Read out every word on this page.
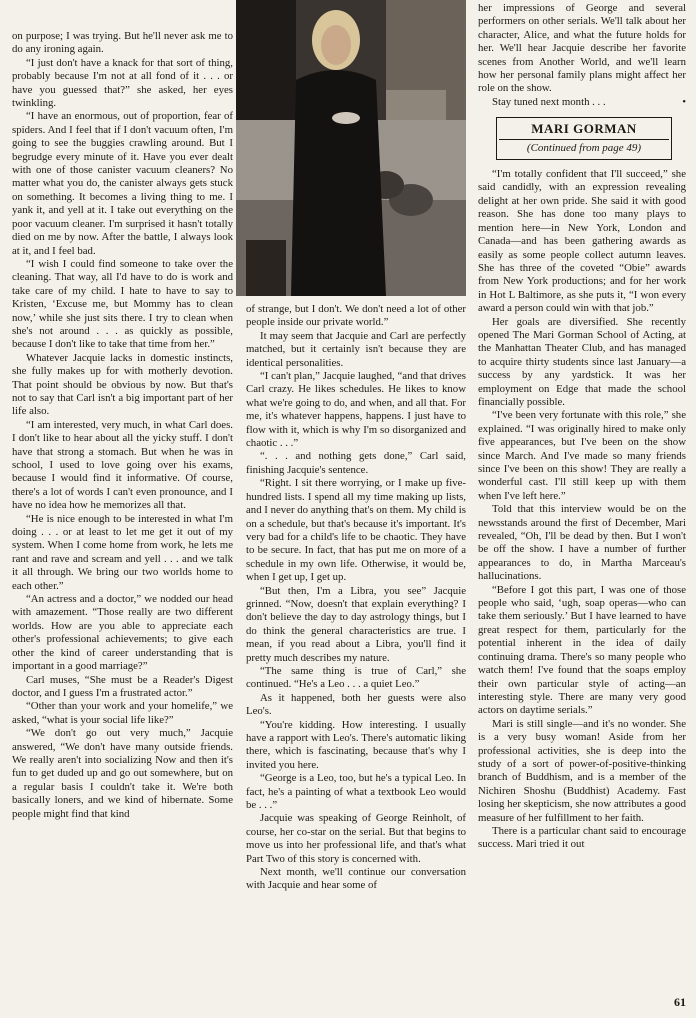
on purpose; I was trying. But he'll never ask me to do any ironing again.

“I just don't have a knack for that sort of thing, probably because I'm not at all fond of it . . . or have you guessed that?” she asked, her eyes twinkling.

“I have an enormous, out of proportion, fear of spiders. And I feel that if I don't vacuum often, I'm going to see the buggies crawling around. But I begrudge every minute of it. Have you ever dealt with one of those canister vacuum cleaners? No matter what you do, the canister always gets stuck on something. It becomes a living thing to me. I yank it, and yell at it. I take out everything on the poor vacuum cleaner. I'm surprised it hasn't totally died on me by now. After the battle, I always look at it, and I feel bad.

“I wish I could find someone to take over the cleaning. That way, all I'd have to do is work and take care of my child. I hate to have to say to Kristen, ‘Excuse me, but Mommy has to clean now,’ while she just sits there. I try to clean when she's not around . . . as quickly as possible, because I don't like to take that time from her.”

Whatever Jacquie lacks in domestic instincts, she fully makes up for with motherly devotion. That point should be obvious by now. But that's not to say that Carl isn't a big important part of her life also.

“I am interested, very much, in what Carl does. I don't like to hear about all the yicky stuff. I don't have that strong a stomach. But when he was in school, I used to love going over his exams, because I would find it informative. Of course, there's a lot of words I can't even pronounce, and I have no idea how he memorizes all that.

“He is nice enough to be interested in what I'm doing . . . or at least to let me get it out of my system. When I come home from work, he lets me rant and rave and scream and yell . . . and we talk it all through. We bring our two worlds home to each other.”

“An actress and a doctor,” we nodded our head with amazement. “Those really are two different worlds. How are you able to appreciate each other's professional achievements; to give each other the kind of career understanding that is important in a good marriage?”

Carl muses, “She must be a Reader's Digest doctor, and I guess I'm a frustrated actor.”

“Other than your work and your homelife,” we asked, “what is your social life like?”

“We don't go out very much,” Jacquie answered, “We don't have many outside friends. We really aren't into socializing Now and then it's fun to get duded up and go out somewhere, but on a regular basis I couldn't take it. We're both basically loners, and we kind of hibernate. Some people might find that kind

of strange, but I don't. We don't need a lot of other people inside our private world.”

It may seem that Jacquie and Carl are perfectly matched, but it certainly isn't because they are identical personalities.

“I can't plan,” Jacquie laughed, “and that drives Carl crazy. He likes schedules. He likes to know what we're going to do, and when, and all that. For me, it's whatever happens, happens. I just have to flow with it, which is why I'm so disorganized and chaotic . . .”

“. . . and nothing gets done,” Carl said, finishing Jacquie's sentence.

“Right. I sit there worrying, or I make up five-hundred lists. I spend all my time making up lists, and I never do anything that's on them. My child is on a schedule, but that's because it's important. It's very bad for a child's life to be chaotic. They have to be secure. In fact, that has put me on more of a schedule in my own life. Otherwise, it would be, when I get up, I get up.

“But then, I'm a Libra, you see” Jacquie grinned. “Now, doesn't that explain everything? I don't believe the day to day astrology things, but I do think the general characteristics are true. I mean, if you read about a Libra, you'll find it pretty much describes my nature.

“The same thing is true of Carl,” she continued. “He's a Leo . . . a quiet Leo.”

As it happened, both her guests were also Leo's.

“You're kidding. How interesting. I usually have a rapport with Leo's. There's automatic liking there, which is fascinating, because that's why I invited you here.

“George is a Leo, too, but he's a typical Leo. In fact, he's a painting of what a textbook Leo would be . . .”

Jacquie was speaking of George Reinholt, of course, her co-star on the serial. But that begins to move us into her professional life, and that's what Part Two of this story is concerned with.

Next month, we'll continue our conversation with Jacquie and hear some of

her impressions of George and several performers on other serials. We'll talk about her character, Alice, and what the future holds for her. We'll hear Jacquie describe her favorite scenes from Another World, and we'll learn how her personal family plans might affect her role on the show.

Stay tuned next month . . .	•

MARI GORMAN
(Continued from page 49)

“I'm totally confident that I'll succeed,” she said candidly, with an expression revealing delight at her own pride. She said it with good reason. She has done too many plays to mention here—in New York, London and Canada—and has been gathering awards as easily as some people collect autumn leaves. She has three of the coveted “Obie” awards from New York productions; and for her work in Hot L Baltimore, as she puts it, “I won every award a person could win with that job.”

Her goals are diversified. She recently opened The Mari Gorman School of Acting, at the Manhattan Theater Club, and has managed to acquire thirty students since last January—a success by any yardstick. It was her employment on Edge that made the school financially possible.

“I've been very fortunate with this role,” she explained. “I was originally hired to make only five appearances, but I've been on the show since March. And I've made so many friends since I've been on this show! They are really a wonderful cast. I'll still keep up with them when I've left here.”

Told that this interview would be on the newsstands around the first of December, Mari revealed, “Oh, I'll be dead by then. But I won't be off the show. I have a number of further appearances to do, in Martha Marceau's hallucinations.

“Before I got this part, I was one of those people who said, ‘ugh, soap operas—who can take them seriously.’ But I have learned to have great respect for them, particularly for the potential inherent in the idea of daily continuing drama. There's so many people who watch them! I've found that the soaps employ their own particular style of acting—an interesting style. There are many very good actors on daytime serials.”

Mari is still single—and it's no wonder. She is a very busy woman! Aside from her professional activities, she is deep into the study of a sort of power-of-positive-thinking branch of Buddhism, and is a member of the Nichiren Shoshu (Buddhist) Academy. Fast losing her skepticism, she now attributes a good measure of her fulfillment to her faith.

There is a particular chant said to encourage success. Mari tried it out

61
